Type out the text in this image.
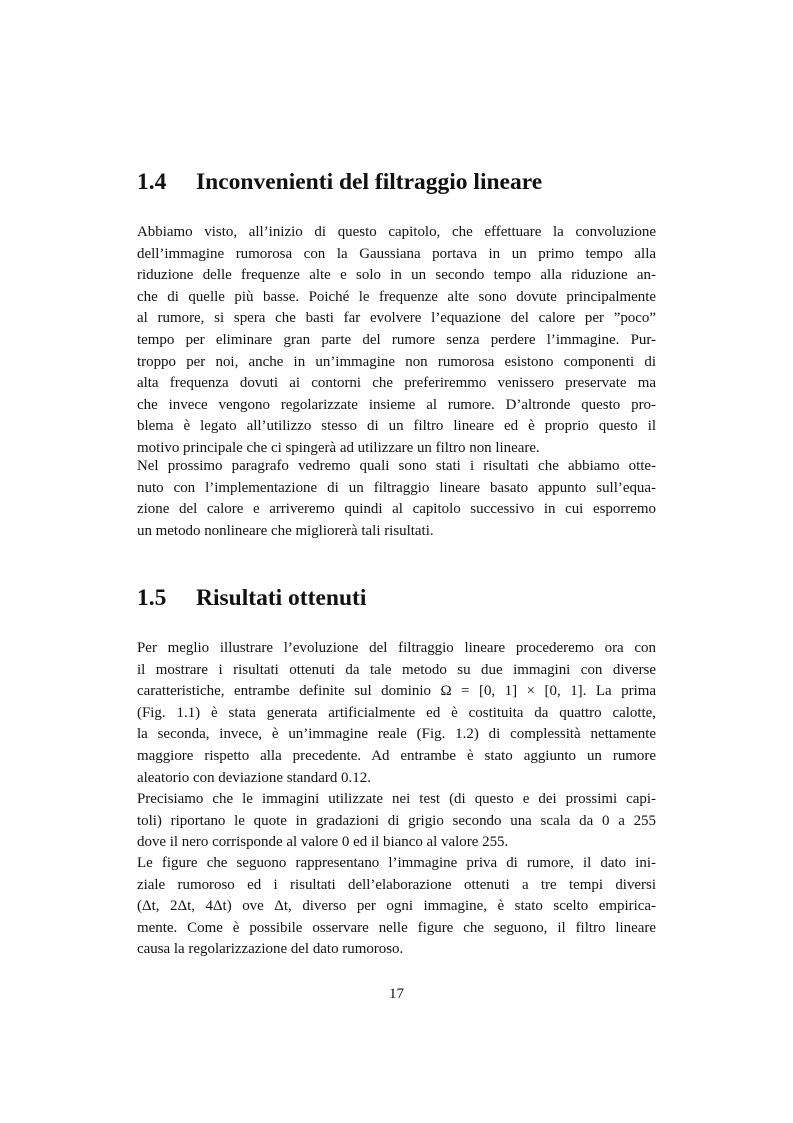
1.4 Inconvenienti del filtraggio lineare
Abbiamo visto, all’inizio di questo capitolo, che effettuare la convoluzione
dell’immagine rumorosa con la Gaussiana portava in un primo tempo alla
riduzione delle frequenze alte e solo in un secondo tempo alla riduzione an-
che di quelle più basse. Poiché le frequenze alte sono dovute principalmente
al rumore, si spera che basti far evolvere l’equazione del calore per ”poco”
tempo per eliminare gran parte del rumore senza perdere l’immagine. Pur-
troppo per noi, anche in un’immagine non rumorosa esistono componenti di
alta frequenza dovuti ai contorni che preferiremmo venissero preservate ma
che invece vengono regolarizzate insieme al rumore. D’altronde questo pro-
blema è legato all’utilizzo stesso di un filtro lineare ed è proprio questo il
motivo principale che ci spingerà ad utilizzare un filtro non lineare.
Nel prossimo paragrafo vedremo quali sono stati i risultati che abbiamo otte-
nuto con l’implementazione di un filtraggio lineare basato appunto sull’equa-
zione del calore e arriveremo quindi al capitolo successivo in cui esporremo
un metodo nonlineare che migliorerà tali risultati.
1.5 Risultati ottenuti
Per meglio illustrare l’evoluzione del filtraggio lineare procederemo ora con
il mostrare i risultati ottenuti da tale metodo su due immagini con diverse
caratteristiche, entrambe definite sul dominio Ω = [0, 1] × [0, 1]. La prima
(Fig. 1.1) è stata generata artificialmente ed è costituita da quattro calotte,
la seconda, invece, è un’immagine reale (Fig. 1.2) di complessità nettamente
maggiore rispetto alla precedente. Ad entrambe è stato aggiunto un rumore
aleatorio con deviazione standard 0.12.
Precisiamo che le immagini utilizzate nei test (di questo e dei prossimi capi-
toli) riportano le quote in gradazioni di grigio secondo una scala da 0 a 255
dove il nero corrisponde al valore 0 ed il bianco al valore 255.
Le figure che seguono rappresentano l’immagine priva di rumore, il dato ini-
ziale rumoroso ed i risultati dell’elaborazione ottenuti a tre tempi diversi
(Δt, 2Δt, 4Δt) ove Δt, diverso per ogni immagine, è stato scelto empirica-
mente. Come è possibile osservare nelle figure che seguono, il filtro lineare
causa la regolarizzazione del dato rumoroso.
17
